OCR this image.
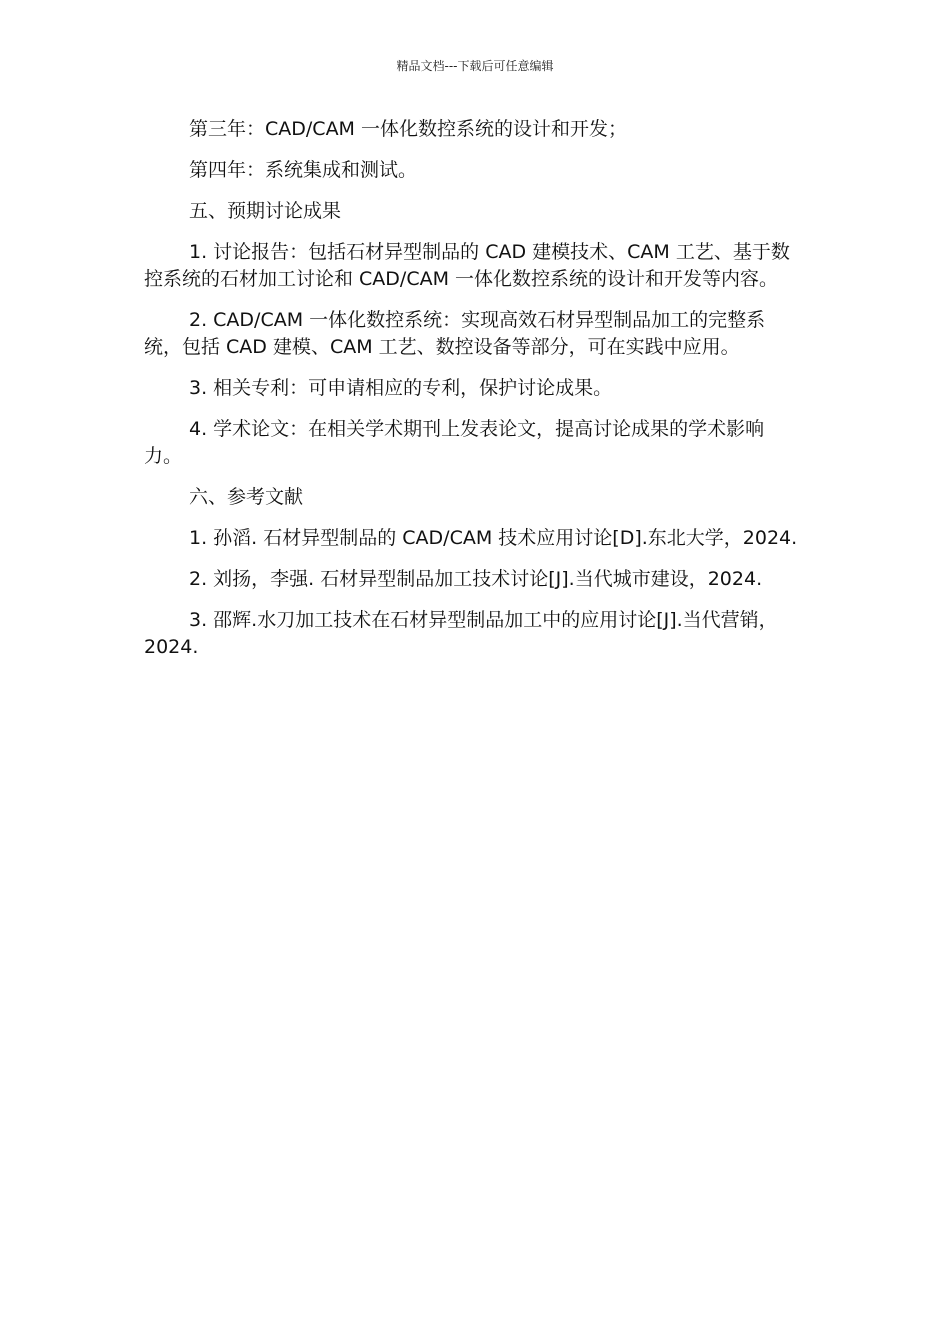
精品文档---下载后可任意编辑

第三年：CAD/CAM 一体化数控系统的设计和开发；

第四年：系统集成和测试。

五、预期讨论成果

1. 讨论报告：包括石材异型制品的 CAD 建模技术、CAM 工艺、基于数控系统的石材加工讨论和 CAD/CAM 一体化数控系统的设计和开发等内容。

2. CAD/CAM 一体化数控系统：实现高效石材异型制品加工的完整系统，包括 CAD 建模、CAM 工艺、数控设备等部分，可在实践中应用。

3. 相关专利：可申请相应的专利，保护讨论成果。

4. 学术论文：在相关学术期刊上发表论文，提高讨论成果的学术影响力。

六、参考文献

1. 孙滔. 石材异型制品的 CAD/CAM 技术应用讨论[D].东北大学，2024.

2. 刘扬，李强. 石材异型制品加工技术讨论[J].当代城市建设，2024.

3. 邵辉.水刀加工技术在石材异型制品加工中的应用讨论[J].当代营销，2024.
